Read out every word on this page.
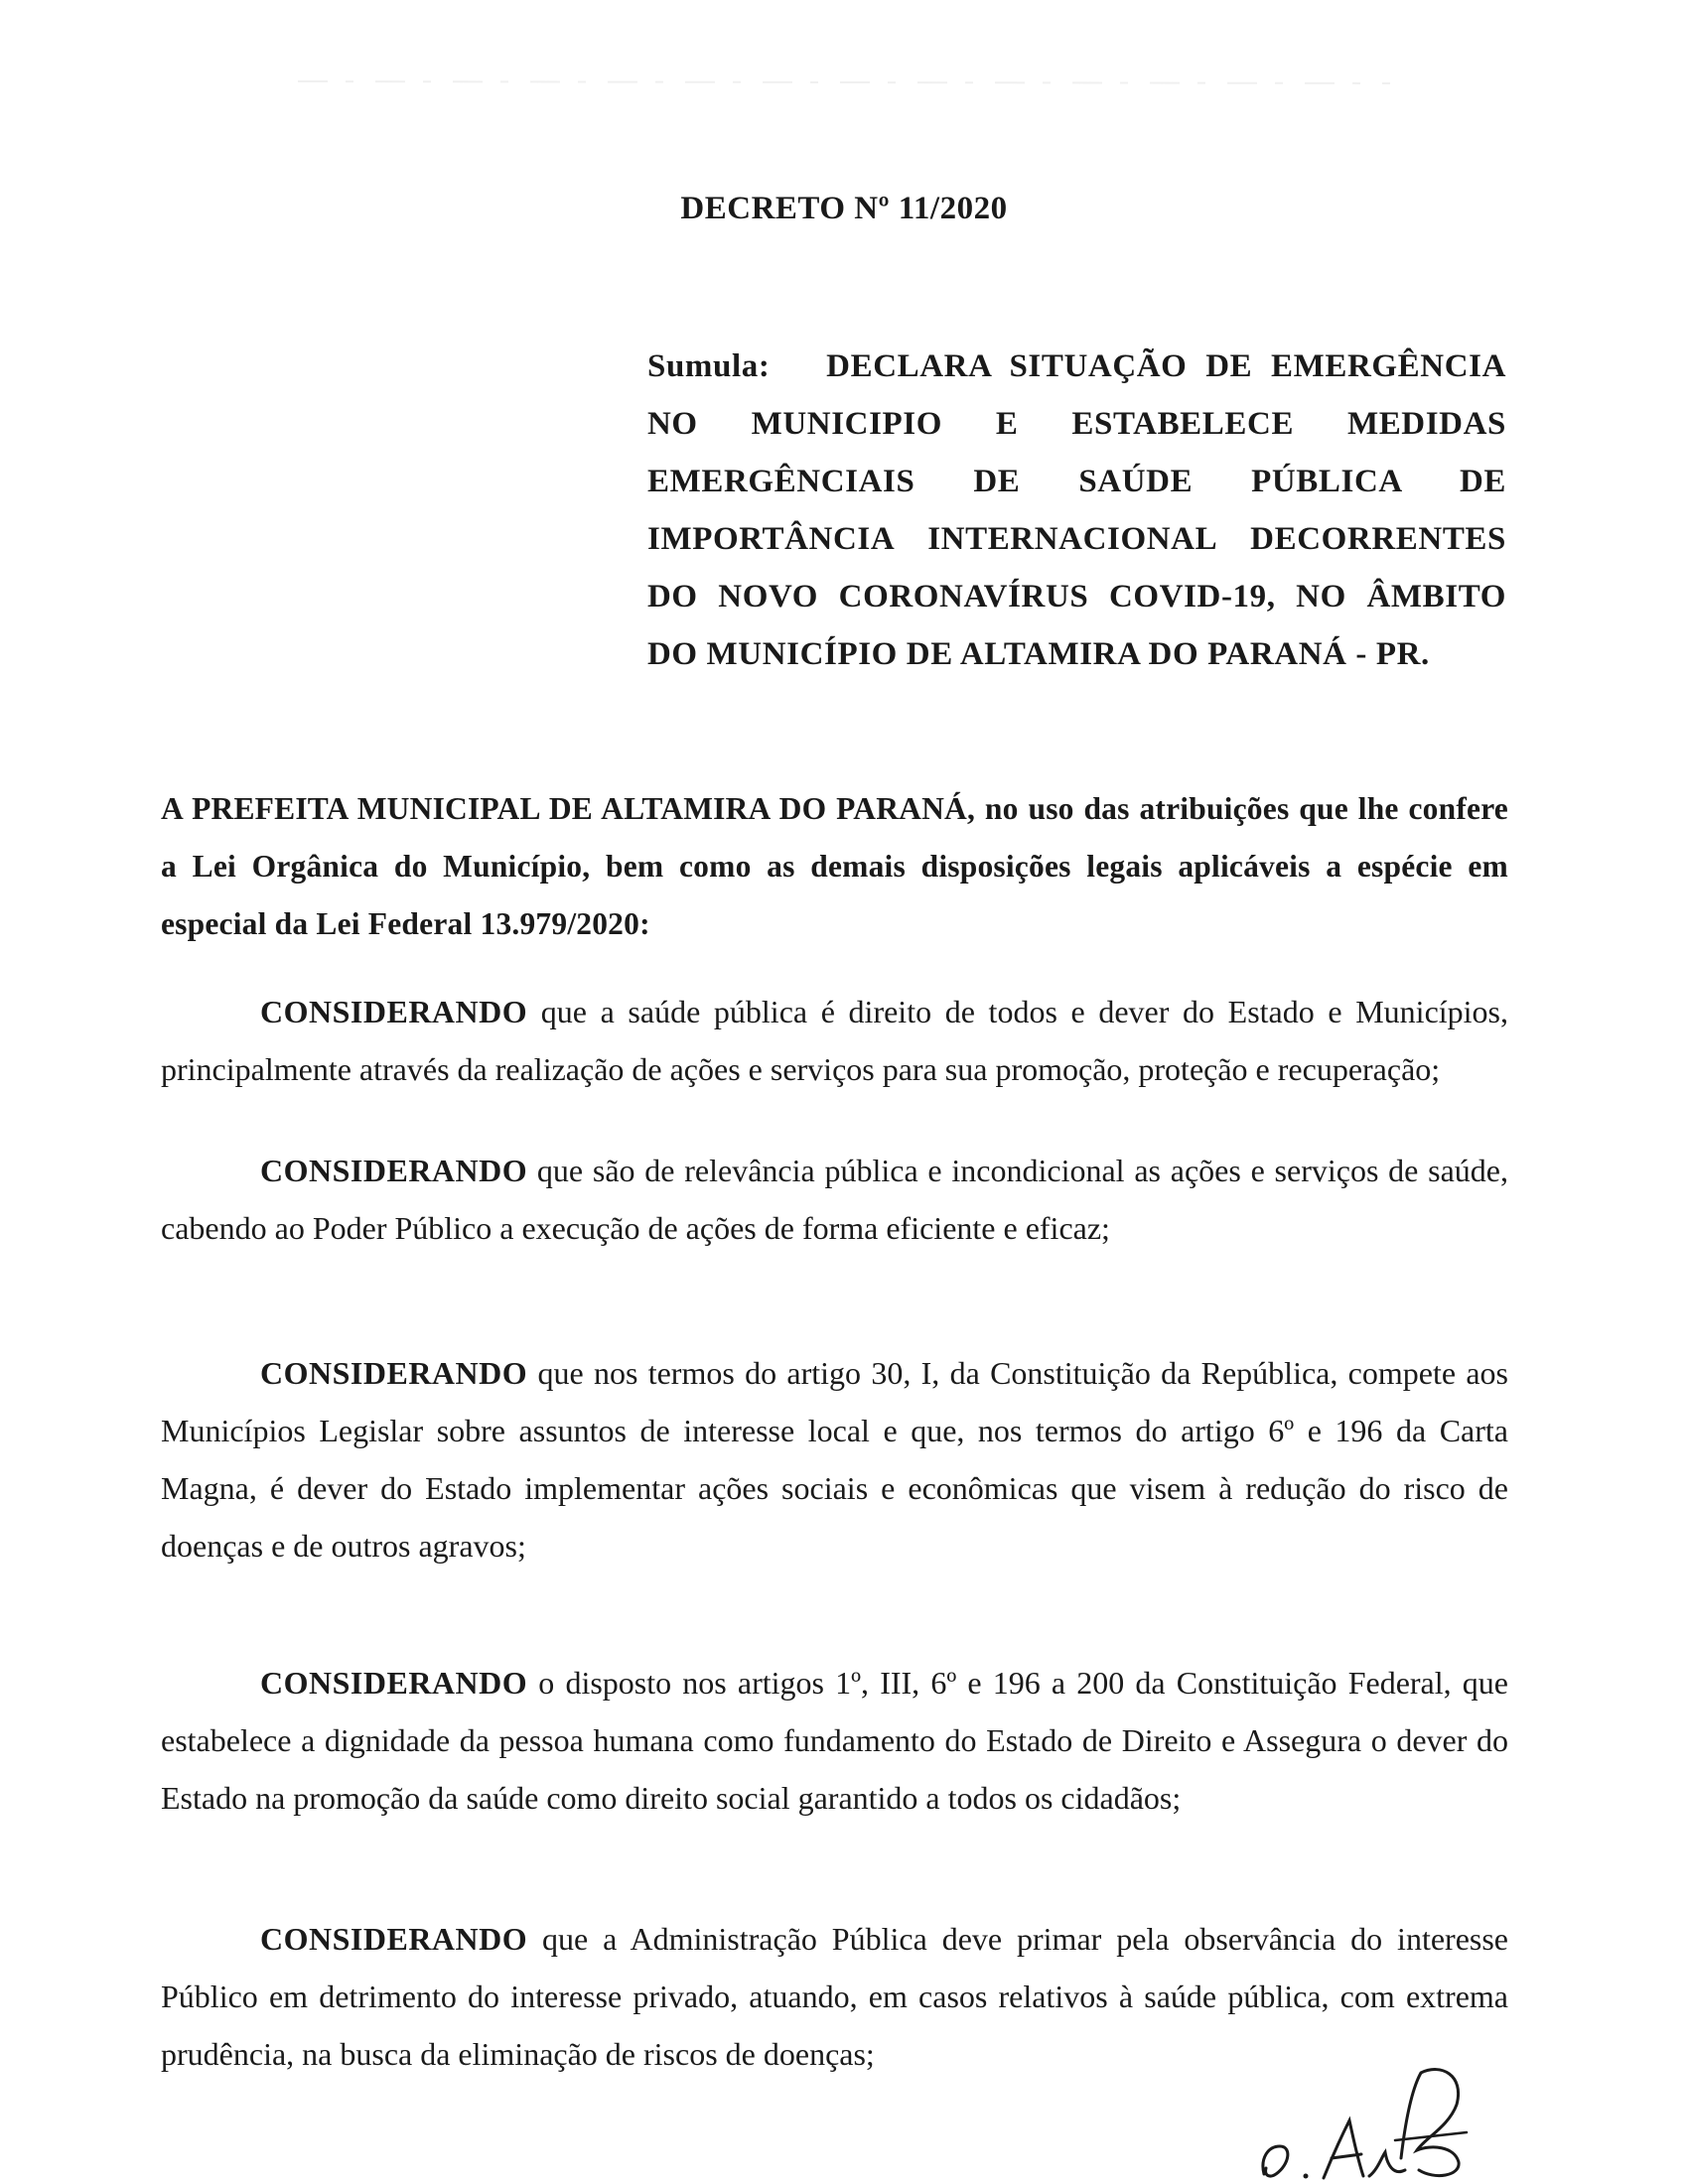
DECRETO Nº 11/2020
Sumula: DECLARA SITUAÇÃO DE EMERGÊNCIA NO MUNICIPIO E ESTABELECE MEDIDAS EMERGÊNCIAIS DE SAÚDE PÚBLICA DE IMPORTÂNCIA INTERNACIONAL DECORRENTES DO NOVO CORONAVÍRUS COVID-19, NO ÂMBITO DO MUNICÍPIO DE ALTAMIRA DO PARANÁ - PR.
A PREFEITA MUNICIPAL DE ALTAMIRA DO PARANÁ, no uso das atribuições que lhe confere a Lei Orgânica do Município, bem como as demais disposições legais aplicáveis a espécie em especial da Lei Federal 13.979/2020:
CONSIDERANDO que a saúde pública é direito de todos e dever do Estado e Municípios, principalmente através da realização de ações e serviços para sua promoção, proteção e recuperação;
CONSIDERANDO que são de relevância pública e incondicional as ações e serviços de saúde, cabendo ao Poder Público a execução de ações de forma eficiente e eficaz;
CONSIDERANDO que nos termos do artigo 30, I, da Constituição da República, compete aos Municípios Legislar sobre assuntos de interesse local e que, nos termos do artigo 6º e 196 da Carta Magna, é dever do Estado implementar ações sociais e econômicas que visem à redução do risco de doenças e de outros agravos;
CONSIDERANDO o disposto nos artigos 1º, III, 6º e 196 a 200 da Constituição Federal, que estabelece a dignidade da pessoa humana como fundamento do Estado de Direito e Assegura o dever do Estado na promoção da saúde como direito social garantido a todos os cidadãos;
CONSIDERANDO que a Administração Pública deve primar pela observância do interesse Público em detrimento do interesse privado, atuando, em casos relativos à saúde pública, com extrema prudência, na busca da eliminação de riscos de doenças;
